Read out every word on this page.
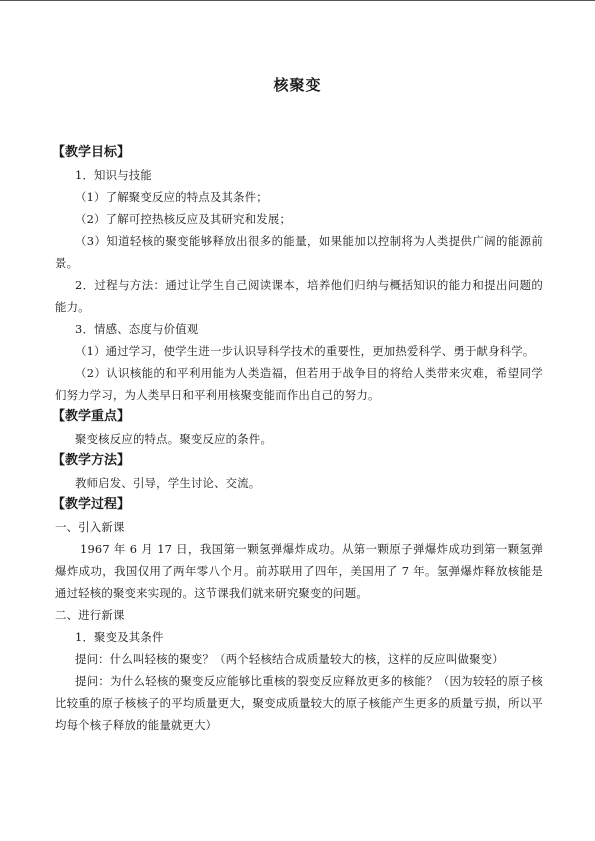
核聚变
【教学目标】
1．知识与技能
（1）了解聚变反应的特点及其条件；
（2）了解可控热核反应及其研究和发展；
（3）知道轻核的聚变能够释放出很多的能量，如果能加以控制将为人类提供广阔的能源前景。
2．过程与方法：通过让学生自己阅读课本，培养他们归纳与概括知识的能力和提出问题的能力。
3．情感、态度与价值观
（1）通过学习，使学生进一步认识导科学技术的重要性，更加热爱科学、勇于献身科学。
（2）认识核能的和平利用能为人类造福，但若用于战争目的将给人类带来灾难，希望同学们努力学习，为人类早日和平利用核聚变能而作出自己的努力。
【教学重点】
聚变核反应的特点。聚变反应的条件。
【教学方法】
教师启发、引导，学生讨论、交流。
【教学过程】
一、引入新课
1967 年 6 月 17 日，我国第一颗氢弹爆炸成功。从第一颗原子弹爆炸成功到第一颗氢弹爆炸成功，我国仅用了两年零八个月。前苏联用了四年，美国用了 7 年。氢弹爆炸释放核能是通过轻核的聚变来实现的。这节课我们就来研究聚变的问题。
二、进行新课
1．聚变及其条件
提问：什么叫轻核的聚变？（两个轻核结合成质量较大的核，这样的反应叫做聚变）
提问：为什么轻核的聚变反应能够比重核的裂变反应释放更多的核能？（因为较轻的原子核比较重的原子核核子的平均质量更大，聚变成质量较大的原子核能产生更多的质量亏损，所以平均每个核子释放的能量就更大）
